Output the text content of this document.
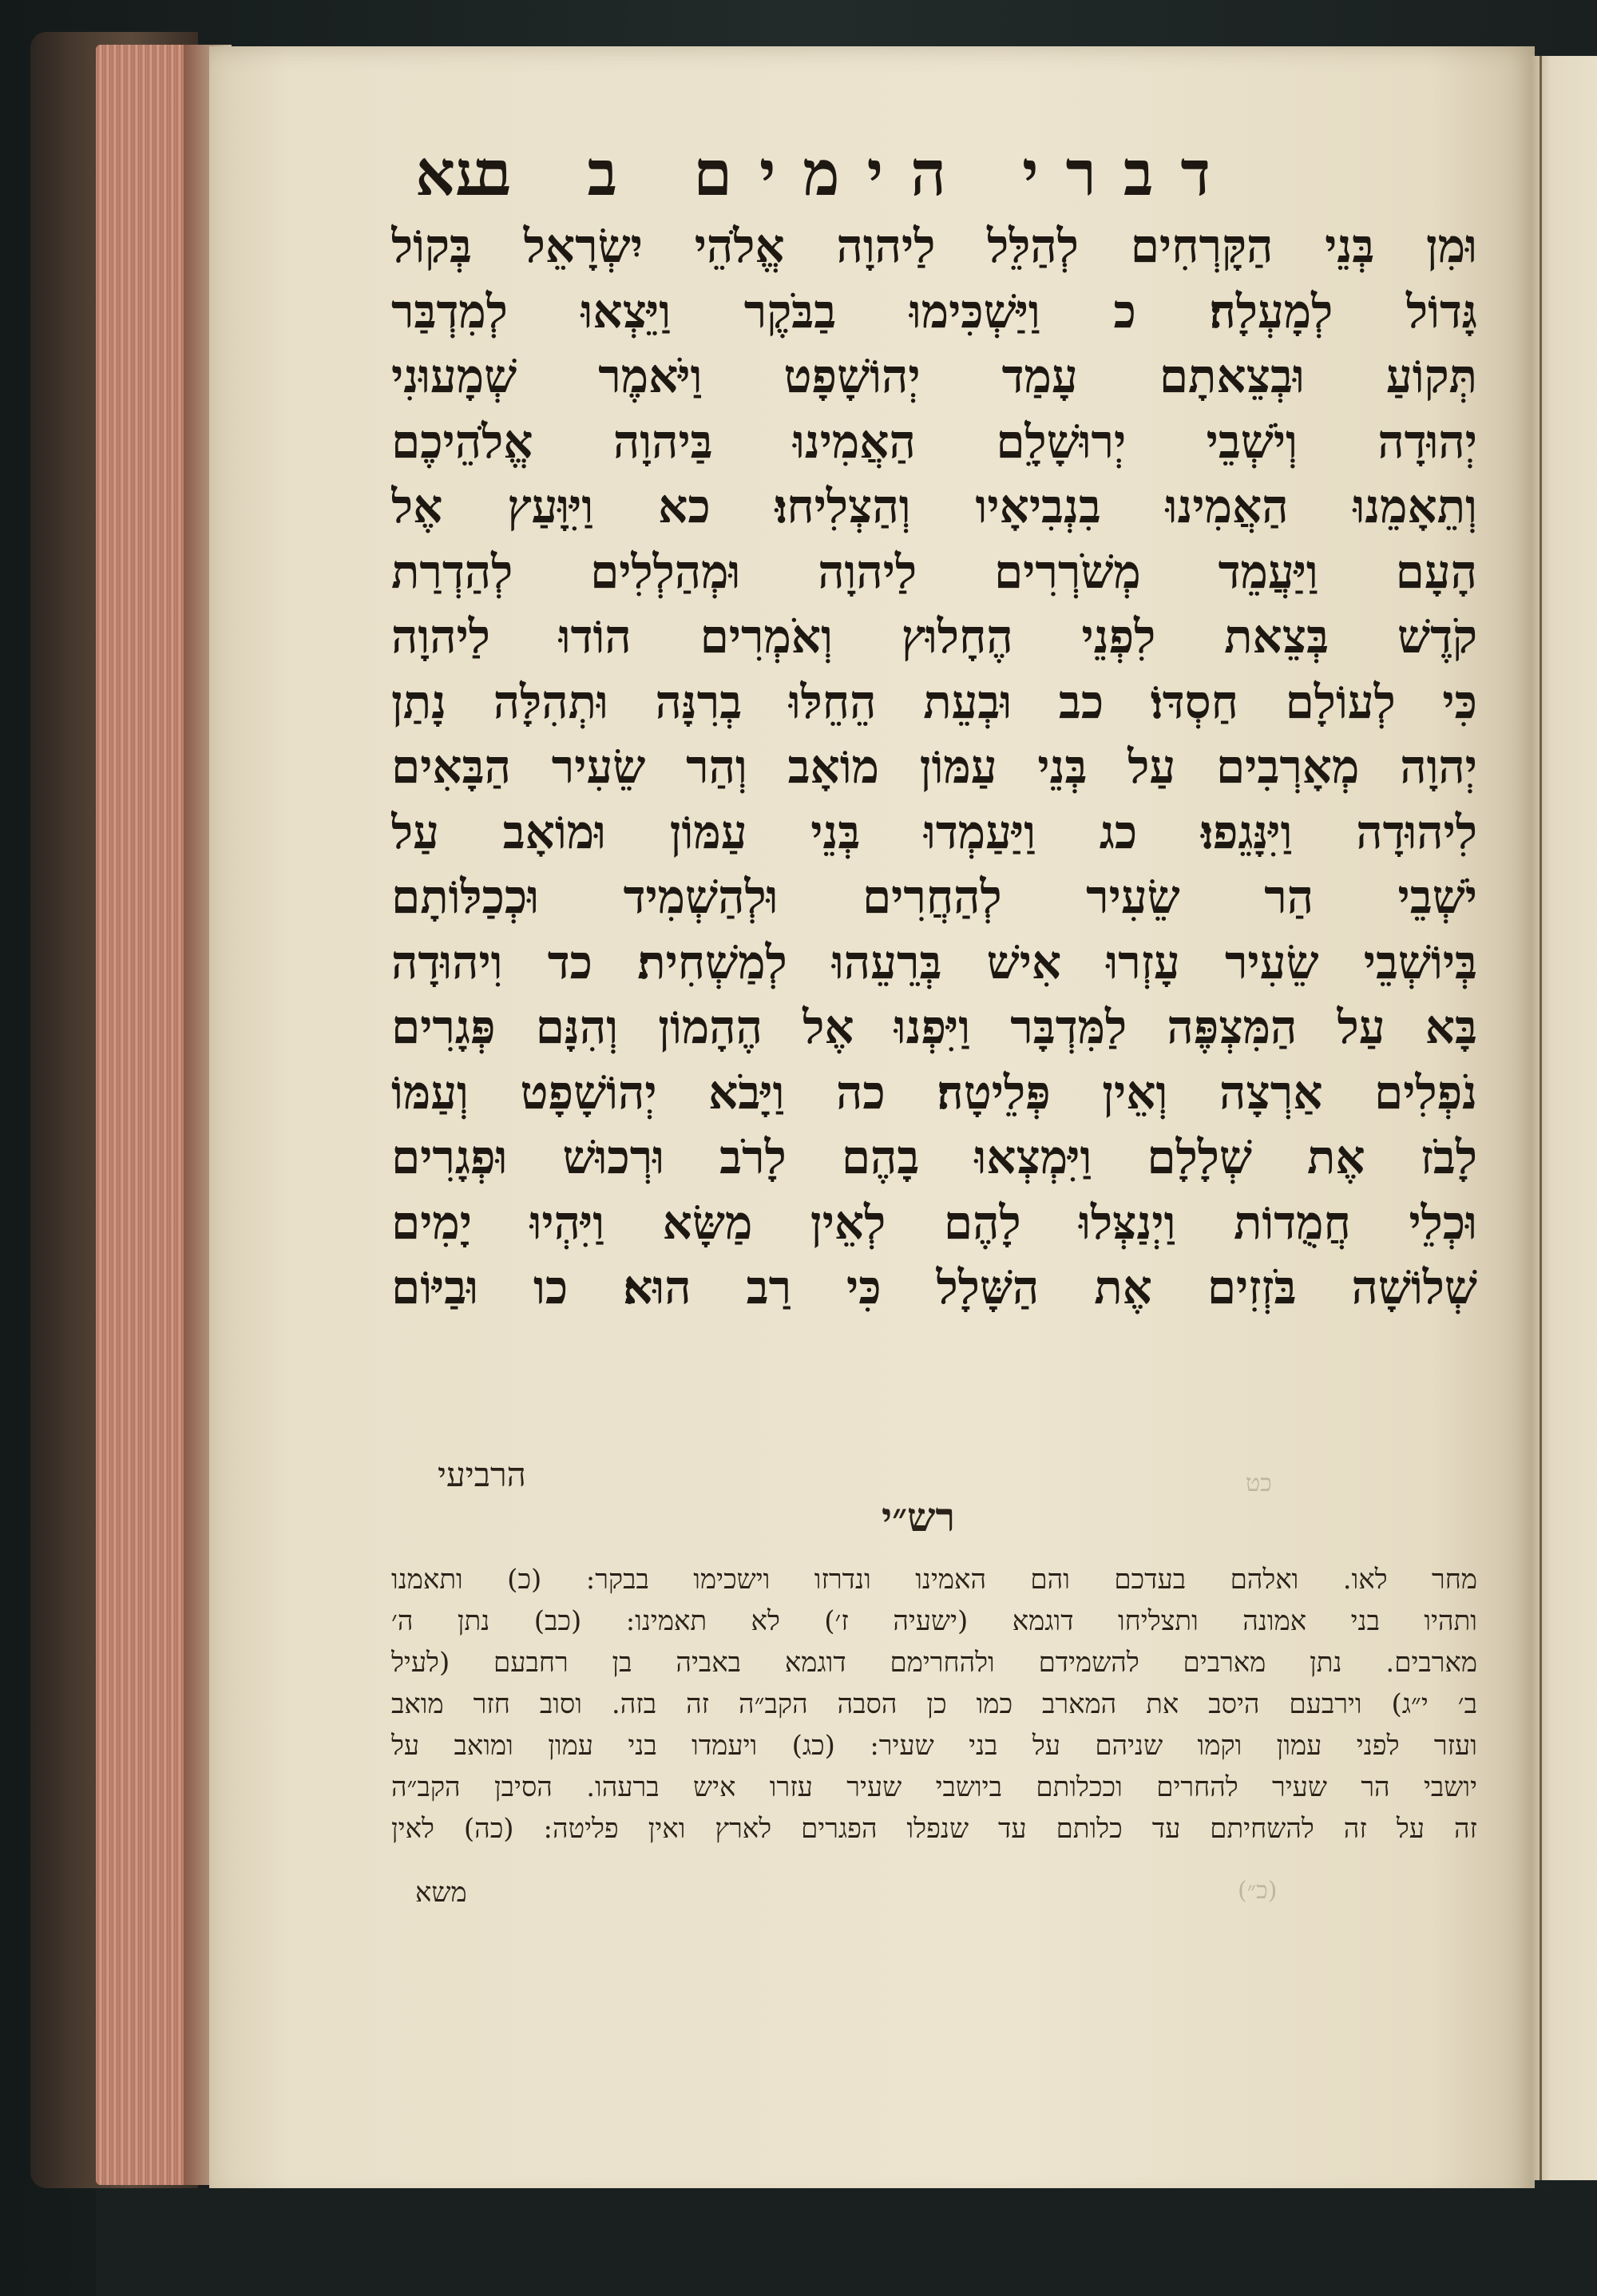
דברי הימים ב ב
עא
וּמִן בְּנֵי הַקָּרְחִים לְהַלֵּל לַיהוָה אֱלֹהֵי יִשְׂרָאֵל בְּקוֹל
גָּדוֹל לְמָעְלָה׃ כ וַיַּשְׁכִּימוּ בַבֹּקֶר וַיֵּצְאוּ לְמִדְבַּר
תְּקוֹעַ וּבְצֵאתָם עָמַד יְהוֹשָׁפָט וַיֹּאמֶר שְׁמָעוּנִי
יְהוּדָה וְיֹשְׁבֵי יְרוּשָׁלִָם הַאֲמִינוּ בַּיהוָה אֱלֹהֵיכֶם
וְתֵאָמֵנוּ הַאֲמִינוּ בִנְבִיאָיו וְהַצְלִיחוּ׃ כא וַיִּוָּעַץ אֶל
הָעָם וַיַּעֲמֵד מְשֹׁרְרִים לַיהוָה וּמְהַלְלִים לְהַדְרַת
קֹדֶשׁ בְּצֵאת לִפְנֵי הֶחָלוּץ וְאֹמְרִים הוֹדוּ לַיהוָה
כִּי לְעוֹלָם חַסְדּוֹ׃ כב וּבְעֵת הֵחֵלּוּ בְרִנָּה וּתְהִלָּה נָתַן
יְהוָה מְאָרְבִים עַל בְּנֵי עַמּוֹן מוֹאָב וְהַר שֵׂעִיר הַבָּאִים
לִיהוּדָה וַיִּנָּגֵפוּ׃ כג וַיַּעַמְדוּ בְּנֵי עַמּוֹן וּמוֹאָב עַל
יֹשְׁבֵי הַר שֵׂעִיר לְהַחֲרִים וּלְהַשְׁמִיד וּכְכַלּוֹתָם
בְּיוֹשְׁבֵי שֵׂעִיר עָזְרוּ אִישׁ בְּרֵעֵהוּ לְמַשְׁחִית׃ כד וִיהוּדָה
בָּא עַל הַמִּצְפֶּה לַמִּדְבָּר וַיִּפְנוּ אֶל הֶהָמוֹן וְהִנָּם פְּגָרִים
נֹפְלִים אַרְצָה וְאֵין פְּלֵיטָה׃ כה וַיָּבֹא יְהוֹשָׁפָט וְעַמּוֹ
לָבֹז אֶת שְׁלָלָם וַיִּמְצְאוּ בָהֶם לָרֹב וּרְכוּשׁ וּפְגָרִים
וּכְלֵי חֲמֻדוֹת וַיְנַצְּלוּ לָהֶם לְאֵין מַשָּׂא וַיִּהְיוּ יָמִים
שְׁלוֹשָׁה בֹּזְזִים אֶת הַשָּׁלָל כִּי רַב הוּא׃ כו וּבַיּוֹם
הרביעי	כט
רש״י
מחר לאו. ואלהם בעדכם והם האמינו ונדרזו וישכימו בבקר: (כ) ותאמנו
ותהיו בני אמונה ותצליחו דוגמא (ישעיה ז׳) לא תאמינו: (כב) נתן ה׳
מארבים. נתן מארבים להשמידם ולהחרימם דוגמא באביה בן רחבעם (לעיל
ב׳ י״ג) וירבעם היסב את המארב כמו כן הסבה הקב״ה זה בזה. וסוב חזר מואב
ועזר לפני עמון וקמו שניהם על בני שעיר: (כג) ויעמדו בני עמון ומואב על
יושבי הר שעיר להחרים וככלותם ביושבי שעיר עזרו איש ברעהו. הסיבן הקב״ה
זה על זה להשחיתם עד כלותם עד שנפלו הפגרים לארץ ואין פליטה: (כה) לאין
משא	(כ״)
